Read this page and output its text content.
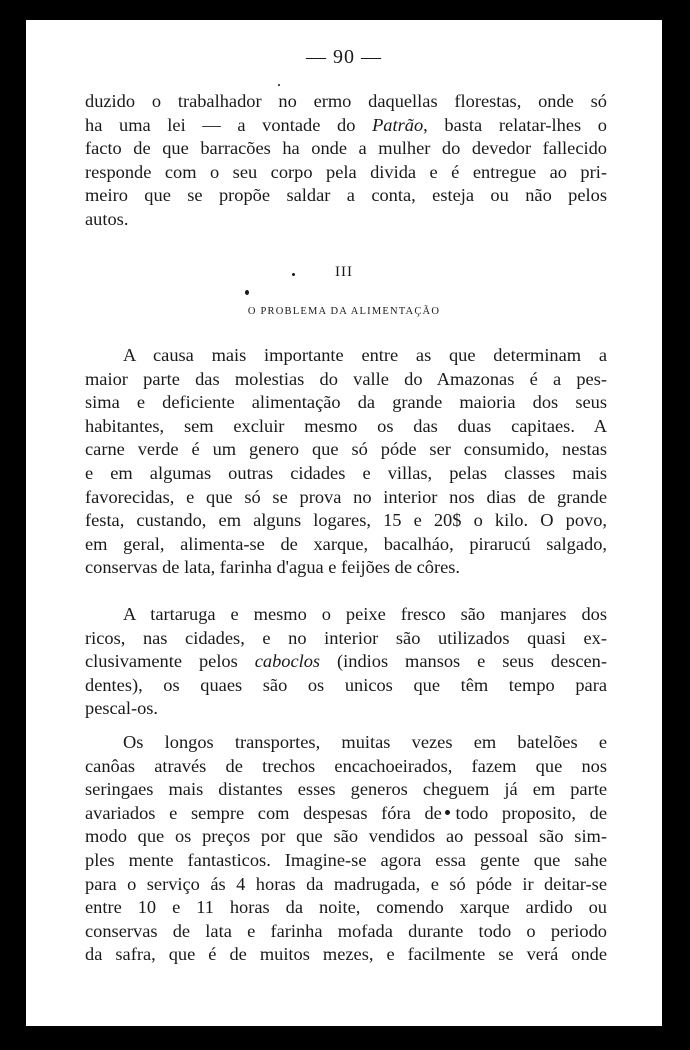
— 90 —
duzido o trabalhador no ermo daquellas florestas, onde só
ha uma lei — a vontade do Patrão, basta relatar-lhes o
facto de que barracões ha onde a mulher do devedor fallecido
responde com o seu corpo pela divida e é entregue ao pri-
meiro que se propõe saldar a conta, esteja ou não pelos
autos.
III
O PROBLEMA DA ALIMENTAÇÃO
A causa mais importante entre as que determinam a
maior parte das molestias do valle do Amazonas é a pes-
sima e deficiente alimentação da grande maioria dos seus
habitantes, sem excluir mesmo os das duas capitaes. A
carne verde é um genero que só póde ser consumido, nestas
e em algumas outras cidades e villas, pelas classes mais
favorecidas, e que só se prova no interior nos dias de grande
festa, custando, em alguns logares, 15 e 20$ o kilo. O povo,
em geral, alimenta-se de xarque, bacalháo, pirarucú salgado,
conservas de lata, farinha d'agua e feijões de côres.
A tartaruga e mesmo o peixe fresco são manjares dos
ricos, nas cidades, e no interior são utilizados quasi ex-
clusivamente pelos caboclos (indios mansos e seus descen-
dentes), os quaes são os unicos que têm tempo para
pescal-os.
Os longos transportes, muitas vezes em batelões e
canôas através de trechos encachoeirados, fazem que nos
seringaes mais distantes esses generos cheguem já em parte
avariados e sempre com despesas fóra de todo proposito, de
modo que os preços por que são vendidos ao pessoal são sim-
ples mente fantasticos. Imagine-se agora essa gente que sahe
para o serviço ás 4 horas da madrugada, e só póde ir deitar-se
entre 10 e 11 horas da noite, comendo xarque ardido ou
conservas de lata e farinha mofada durante todo o periodo
da safra, que é de muitos mezes, e facilmente se verá onde
